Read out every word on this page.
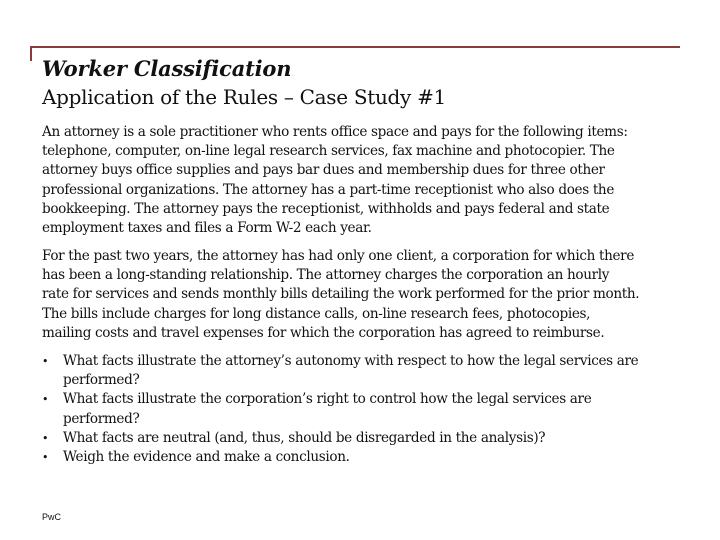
Worker Classification
Application of the Rules – Case Study #1
An attorney is a sole practitioner who rents office space and pays for the following items:
telephone, computer, on-line legal research services, fax machine and photocopier. The
attorney buys office supplies and pays bar dues and membership dues for three other
professional organizations. The attorney has a part-time receptionist who also does the
bookkeeping. The attorney pays the receptionist, withholds and pays federal and state
employment taxes and files a Form W-2 each year.
For the past two years, the attorney has had only one client, a corporation for which there
has been a long-standing relationship. The attorney charges the corporation an hourly
rate for services and sends monthly bills detailing the work performed for the prior month.
The bills include charges for long distance calls, on-line research fees, photocopies,
mailing costs and travel expenses for which the corporation has agreed to reimburse.
•	What facts illustrate the attorney’s autonomy with respect to how the legal services are
performed?
•	What facts illustrate the corporation’s right to control how the legal services are
performed?
•	What facts are neutral (and, thus, should be disregarded in the analysis)?
•	Weigh the evidence and make a conclusion.
PwC
